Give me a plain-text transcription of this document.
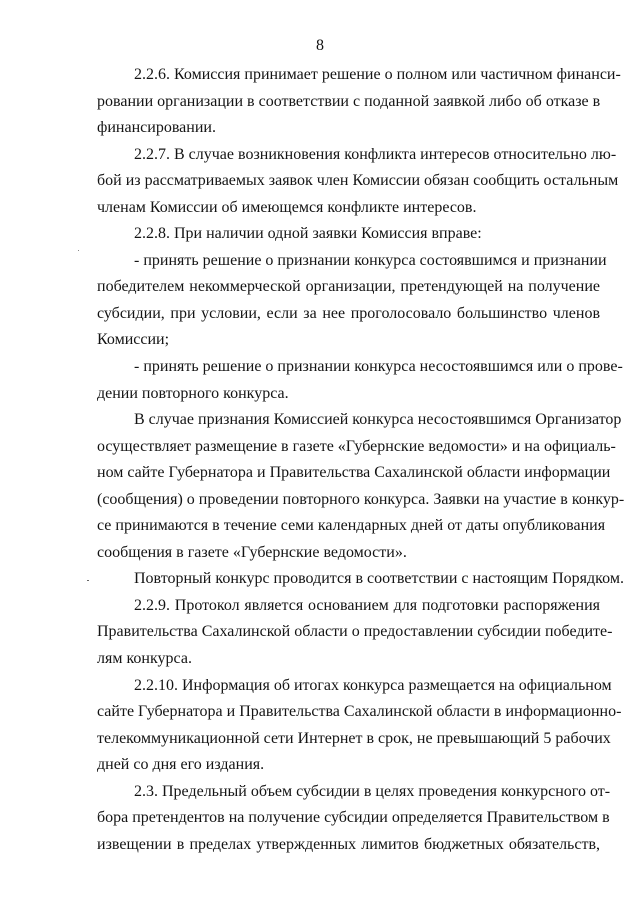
8
2.2.6. Комиссия принимает решение о полном или частичном финанси-
ровании организации в соответствии с поданной заявкой либо об отказе в
финансировании.
2.2.7. В случае возникновения конфликта интересов относительно лю-
бой из рассматриваемых заявок член Комиссии обязан сообщить остальным
членам Комиссии об имеющемся конфликте интересов.
2.2.8. При наличии одной заявки Комиссия вправе:
- принять решение о признании конкурса состоявшимся и признании
победителем некоммерческой организации, претендующей на получение
субсидии, при условии, если за нее проголосовало большинство членов
Комиссии;
- принять решение о признании конкурса несостоявшимся или о прове-
дении повторного конкурса.
В случае признания Комиссией конкурса несостоявшимся Организатор
осуществляет размещение в газете «Губернские ведомости» и на официаль-
ном сайте Губернатора и Правительства Сахалинской области информации
(сообщения) о проведении повторного конкурса. Заявки на участие в конкур-
се принимаются в течение семи календарных дней от даты опубликования
сообщения в газете «Губернские ведомости».
Повторный конкурс проводится в соответствии с настоящим Порядком.
2.2.9. Протокол является основанием для подготовки распоряжения
Правительства Сахалинской области о предоставлении субсидии победите-
лям конкурса.
2.2.10. Информация об итогах конкурса размещается на официальном
сайте Губернатора и Правительства Сахалинской области в информационно-
телекоммуникационной сети Интернет в срок, не превышающий 5 рабочих
дней со дня его издания.
2.3. Предельный объем субсидии в целях проведения конкурсного от-
бора претендентов на получение субсидии определяется Правительством в
извещении в пределах утвержденных лимитов бюджетных обязательств,
